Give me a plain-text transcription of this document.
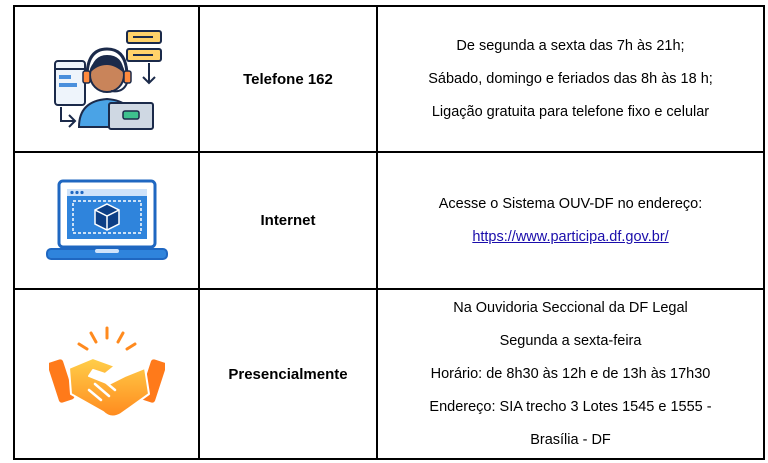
	Telefone 162	De segunda a sexta das 7h às 21h;

Sábado, domingo e feriados das 8h às 18 h;

Ligação gratuita para telefone fixo e celular

	Internet	Acesse o Sistema OUV-DF no endereço:

https://www.participa.df.gov.br/

	Presencialmente	Na Ouvidoria Seccional da DF Legal

Segunda a sexta-feira

Horário: de 8h30 às 12h e de 13h às 17h30

Endereço: SIA trecho 3 Lotes 1545 e 1555 -

Brasília - DF
